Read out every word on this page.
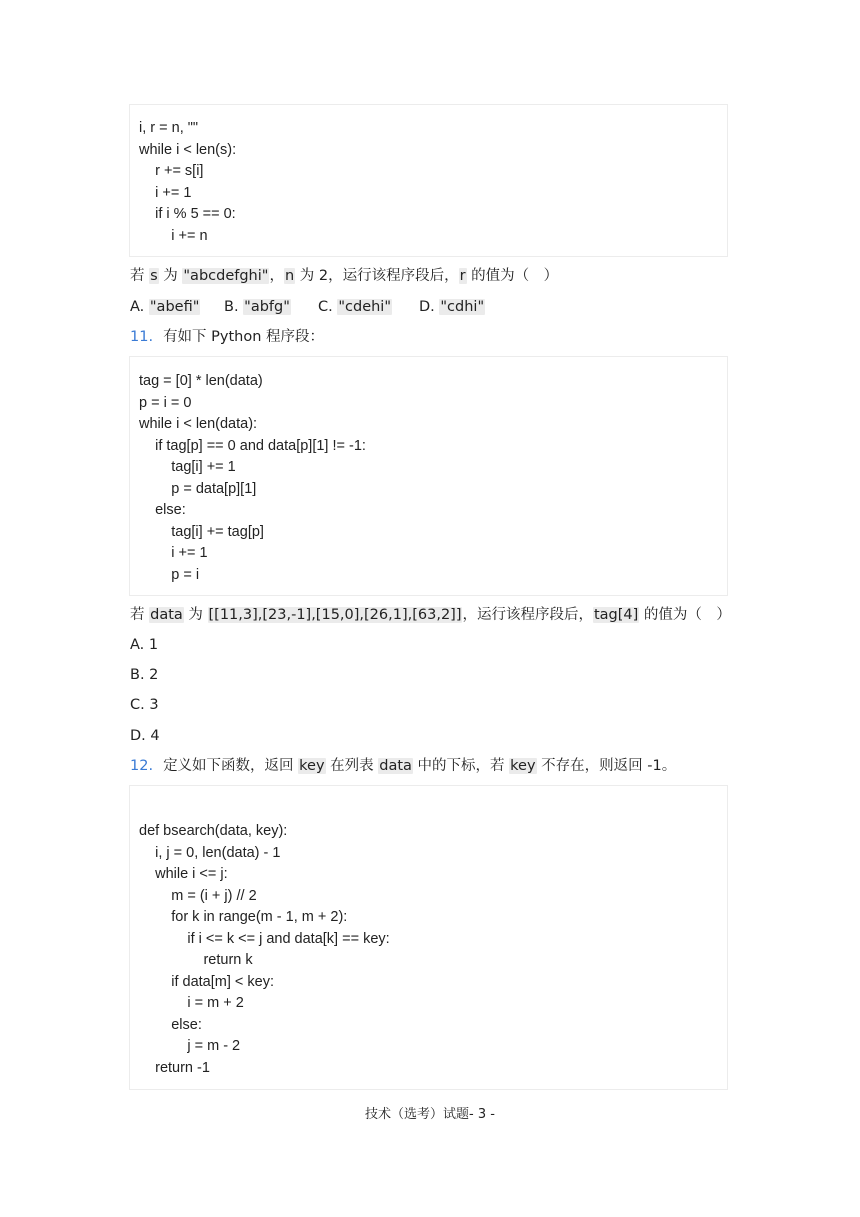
i, r = n, ""
while i < len(s):
r += s[i]
i += 1
if i % 5 == 0:
i += n
若 s 为 "abcdefghi"，n 为 2，运行该程序段后，r 的值为（　）
A. "abefi" B. "abfg" C. "cdehi" D. "cdhi"
11. 有如下 Python 程序段：
tag = [0] * len(data)
p = i = 0
while i < len(data):
if tag[p] == 0 and data[p][1] != -1:
tag[i] += 1
p = data[p][1]
else:
tag[i] += tag[p]
i += 1
p = i
若 data 为 [[11,3],[23,-1],[15,0],[26,1],[63,2]]，运行该程序段后，tag[4] 的值为（　）
A. 1
B. 2
C. 3
D. 4
12. 定义如下函数，返回 key 在列表 data 中的下标，若 key 不存在，则返回 -1。
def bsearch(data, key):
i, j = 0, len(data) - 1
while i <= j:
m = (i + j) // 2
for k in range(m - 1, m + 2):
if i <= k <= j and data[k] == key:
return k
if data[m] < key:
i = m + 2
else:
j = m - 2
return -1
技术（选考）试题- 3 -
